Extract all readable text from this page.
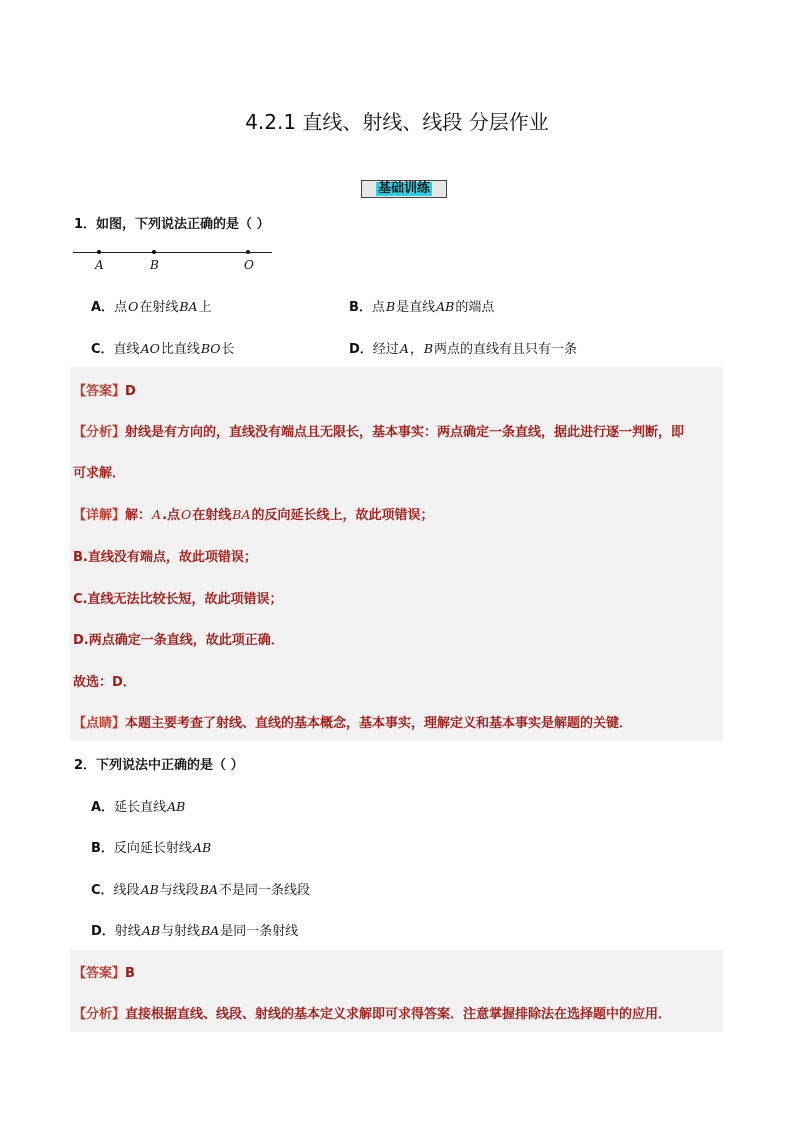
4.2.1 直线、射线、线段 分层作业
基础训练
1．如图，下列说法正确的是（ ）
A	B	O
A．点O在射线BA上	B．点B是直线AB的端点
C．直线AO比直线BO长	D．经过A，B两点的直线有且只有一条
【答案】D
【分析】射线是有方向的，直线没有端点且无限长，基本事实：两点确定一条直线，据此进行逐一判断，即
可求解．
【详解】解：A.点O在射线BA的反向延长线上，故此项错误；
B.直线没有端点，故此项错误；
C.直线无法比较长短，故此项错误；
D.两点确定一条直线，故此项正确．
故选：D．
【点睛】本题主要考查了射线、直线的基本概念，基本事实，理解定义和基本事实是解题的关键．
2．下列说法中正确的是（ ）
A．延长直线AB
B．反向延长射线AB
C．线段AB与线段BA不是同一条线段
D．射线AB与射线BA是同一条射线
【答案】B
【分析】直接根据直线、线段、射线的基本定义求解即可求得答案．注意掌握排除法在选择题中的应用．
